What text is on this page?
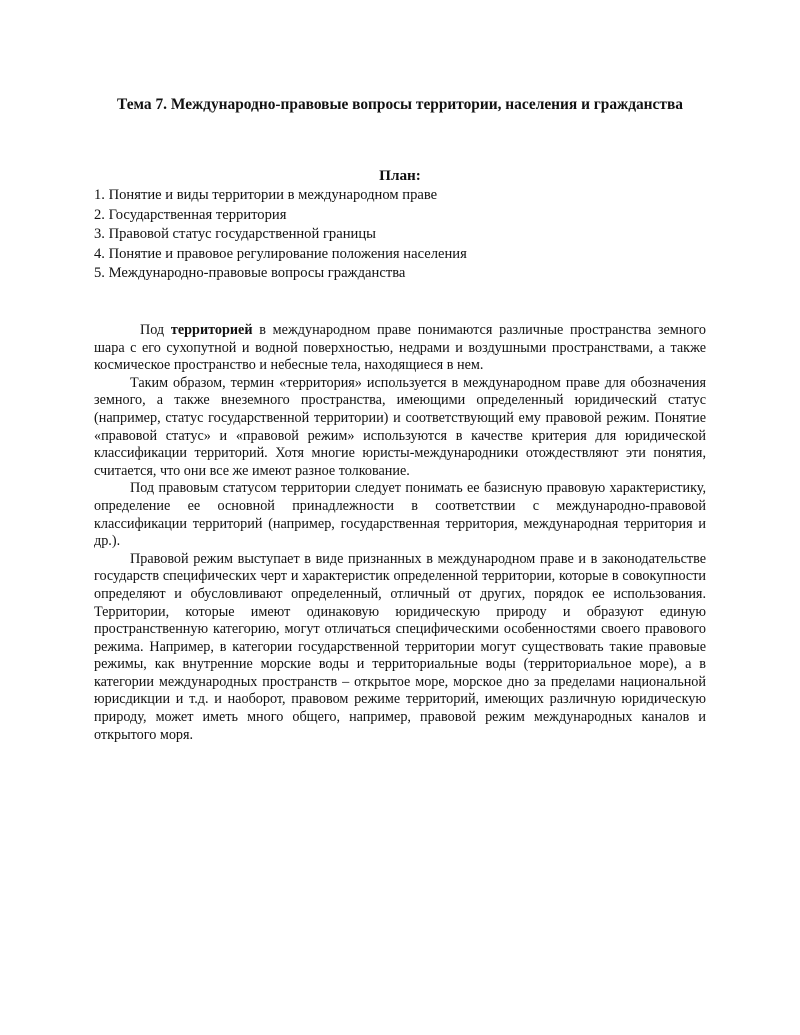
Тема 7. Международно-правовые вопросы территории, населения и гражданства
План:
1. Понятие и виды территории в международном праве
2. Государственная территория
3. Правовой статус государственной границы
4. Понятие и правовое регулирование положения населения
5. Международно-правовые вопросы гражданства

Под территорией в международном праве понимаются различные пространства земного шара с его сухопутной и водной поверхностью, недрами и воздушными пространствами, а также космическое пространство и небесные тела, находящиеся в нем.

Таким образом, термин «территория» используется в международном праве для обозначения земного, а также внеземного пространства, имеющими определенный юридический статус (например, статус государственной территории) и соответствующий ему правовой режим. Понятие «правовой статус» и «правовой режим» используются в качестве критерия для юридической классификации территорий. Хотя многие юристы-международники отождествляют эти понятия, считается, что они все же имеют разное толкование.

Под правовым статусом территории следует понимать ее базисную правовую характеристику, определение ее основной принадлежности в соответствии с международно-правовой классификации территорий (например, государственная территория, международная территория и др.).

Правовой режим выступает в виде признанных в международном праве и в законодательстве государств специфических черт и характеристик определенной территории, которые в совокупности определяют и обусловливают определенный, отличный от других, порядок ее использования. Территории, которые имеют одинаковую юридическую природу и образуют единую пространственную категорию, могут отличаться специфическими особенностями своего правового режима. Например, в категории государственной территории могут существовать такие правовые режимы, как внутренние морские воды и территориальные воды (территориальное море), а в категории международных пространств – открытое море, морское дно за пределами национальной юрисдикции и т.д. и наоборот, правовом режиме территорий, имеющих различную юридическую природу, может иметь много общего, например, правовой режим международных каналов и открытого моря.
